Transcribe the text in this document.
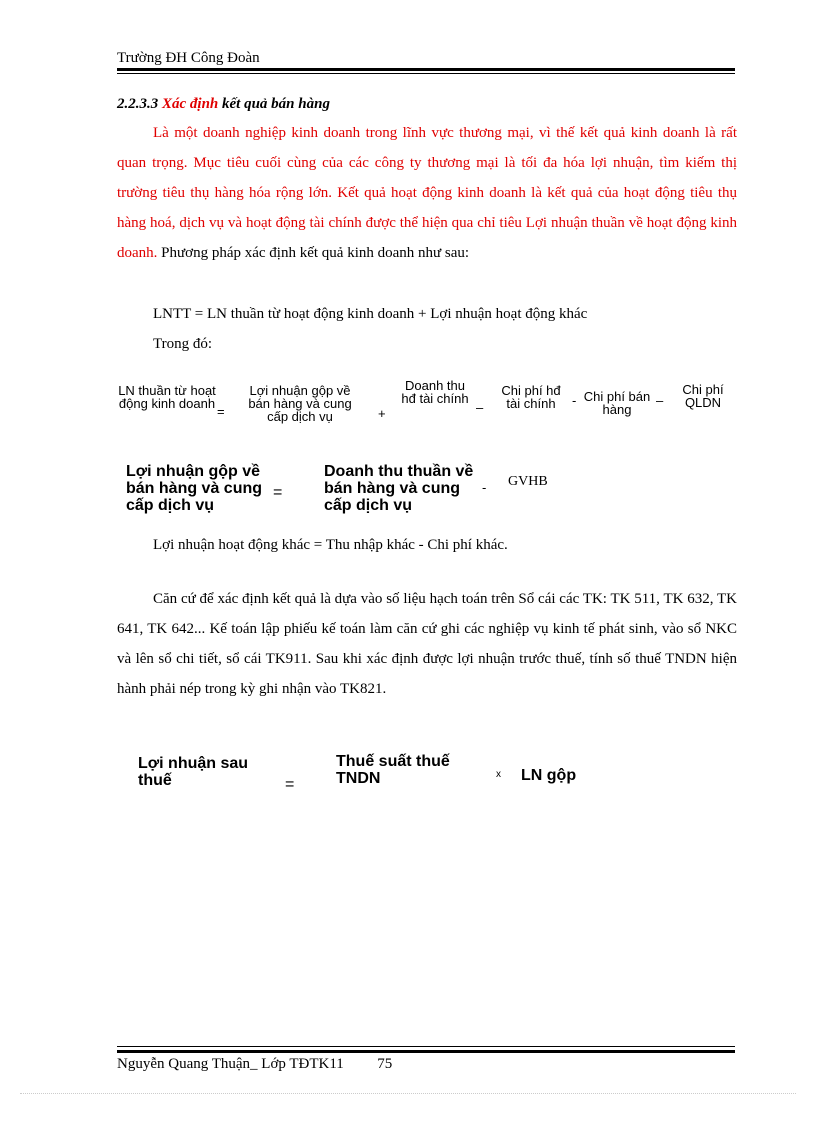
Trường ĐH Công Đoàn
2.2.3.3 Xác định kết quả bán hàng
Là một doanh nghiệp kinh doanh trong lĩnh vực thương mại, vì thế kết quả kinh doanh là rất quan trọng. Mục tiêu cuối cùng của các công ty thương mại là tối đa hóa lợi nhuận, tìm kiếm thị trường tiêu thụ hàng hóa rộng lớn. Kết quả hoạt động kinh doanh là kết quả của hoạt động tiêu thụ hàng hoá, dịch vụ và hoạt động tài chính được thể hiện qua chỉ tiêu Lợi nhuận thuần về hoạt động kinh doanh. Phương pháp xác định kết quả kinh doanh như sau:
LNTT = LN thuần từ hoạt động kinh doanh + Lợi nhuận hoạt động khác
Trong đó:
LN thuần từ hoạt động kinh doanh
=
Lợi nhuận gộp về bán hàng và cung cấp dịch vụ	+
Doanh thu hđ tài chính
–
Chi phí hđ tài chính	- Chi phí bán hàng
–
Chi phí QLDN
Lợi nhuận gộp về bán hàng và cung cấp dịch vụ
=
Doanh thu thuần về bán hàng và cung cấp dịch vụ
- GVHB
Lợi nhuận hoạt động khác = Thu nhập khác - Chi phí khác.
Căn cứ để xác định kết quả là dựa vào số liệu hạch toán trên Sổ cái các TK: TK 511, TK 632, TK 641, TK 642... Kế toán lập phiếu kế toán làm căn cứ ghi các nghiệp vụ kinh tế phát sinh, vào sổ NKC và lên sổ chi tiết, sổ cái TK911. Sau khi xác định được lợi nhuận trước thuế, tính số thuế TNDN hiện hành phải nép trong kỳ ghi nhận vào TK821.
Lợi nhuận sau thuế	=
Thuế suất thuế TNDN	x LN gộp
Nguyễn Quang Thuận_ Lớp TĐTK11 75
